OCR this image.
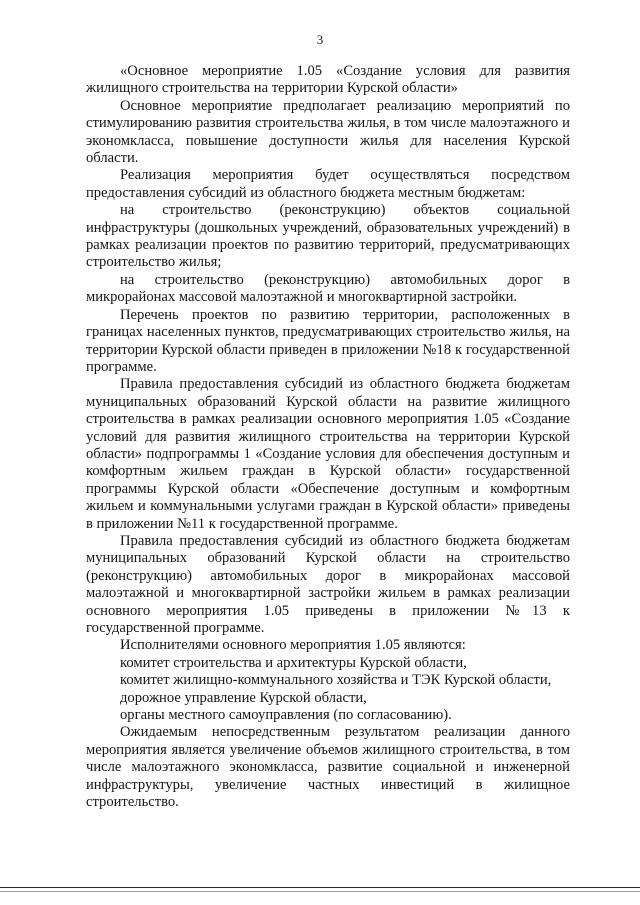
3

«Основное мероприятие 1.05 «Создание условия для развития жилищного строительства на территории Курской области»

Основное мероприятие предполагает реализацию мероприятий по стимулированию развития строительства жилья, в том числе малоэтажного и экономкласса, повышение доступности жилья для населения Курской области.

Реализация мероприятия будет осуществляться посредством предоставления субсидий из областного бюджета местным бюджетам:

на строительство (реконструкцию) объектов социальной инфраструктуры (дошкольных учреждений, образовательных учреждений) в рамках реализации проектов по развитию территорий, предусматривающих строительство жилья;

на строительство (реконструкцию) автомобильных дорог в микрорайонах массовой малоэтажной и многоквартирной застройки.

Перечень проектов по развитию территории, расположенных в границах населенных пунктов, предусматривающих строительство жилья, на территории Курской области приведен в приложении №18 к государственной программе.

Правила предоставления субсидий из областного бюджета бюджетам муниципальных образований Курской области на развитие жилищного строительства в рамках реализации основного мероприятия 1.05 «Создание условий для развития жилищного строительства на территории Курской области» подпрограммы 1 «Создание условия для обеспечения доступным и комфортным жильем граждан в Курской области» государственной программы Курской области «Обеспечение доступным и комфортным жильем и коммунальными услугами граждан в Курской области» приведены в приложении №11 к государственной программе.

Правила предоставления субсидий из областного бюджета бюджетам муниципальных образований Курской области на строительство (реконструкцию) автомобильных дорог в микрорайонах массовой малоэтажной и многоквартирной застройки жильем в рамках реализации основного мероприятия 1.05 приведены в приложении №13 к государственной программе.

Исполнителями основного мероприятия 1.05 являются:

комитет строительства и архитектуры Курской области,

комитет жилищно-коммунального хозяйства и ТЭК Курской области,

дорожное управление Курской области,

органы местного самоуправления (по согласованию).

Ожидаемым непосредственным результатом реализации данного мероприятия является увеличение объемов жилищного строительства, в том числе малоэтажного экономкласса, развитие социальной и инженерной инфраструктуры, увеличение частных инвестиций в жилищное строительство.
